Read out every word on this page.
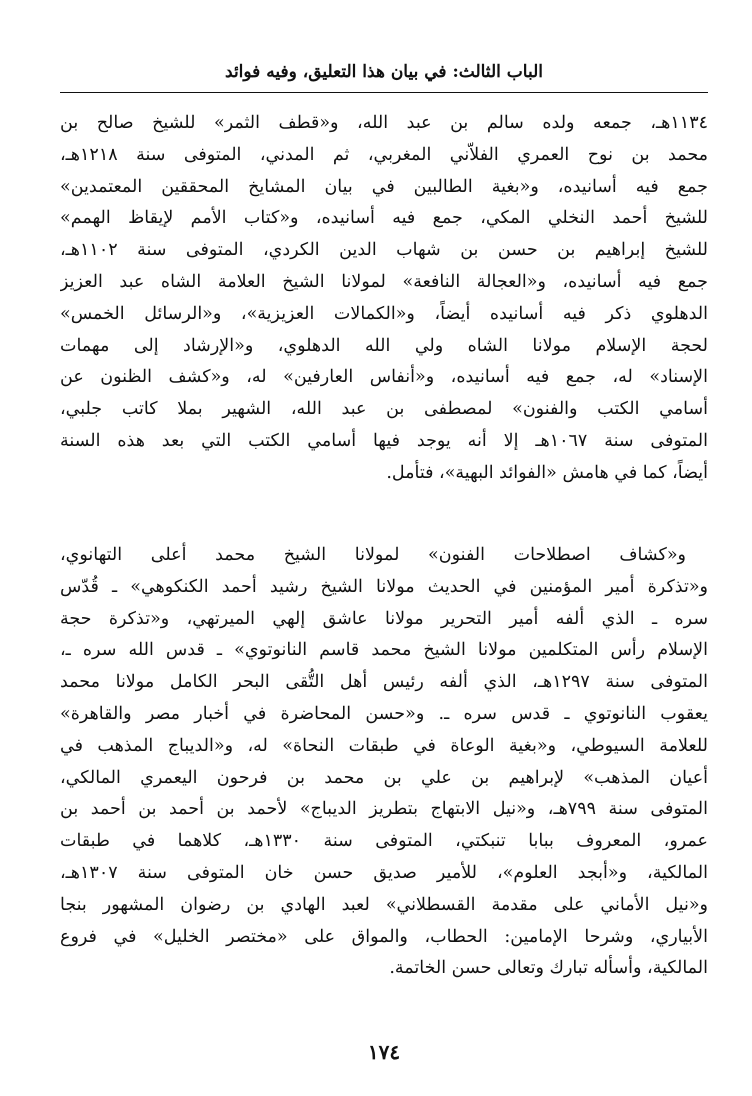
الباب الثالث: في بيان هذا التعليق، وفيه فوائد
١١٣٤هـ، جمعه ولده سالم بن عبد الله، و«قطف الثمر» للشيخ صالح بن
محمد بن نوح العمري الفلاّني المغربي، ثم المدني، المتوفى سنة ١٢١٨هـ،
جمع فيه أسانيده، و«بغية الطالبين في بيان المشايخ المحققين المعتمدين»
للشيخ أحمد النخلي المكي، جمع فيه أسانيده، و«كتاب الأمم لإيقاظ الهمم»
للشيخ إبراهيم بن حسن بن شهاب الدين الكردي، المتوفى سنة ١١٠٢هـ،
جمع فيه أسانيده، و«العجالة النافعة» لمولانا الشيخ العلامة الشاه عبد العزيز
الدهلوي ذكر فيه أسانيده أيضاً، و«الكمالات العزيزية»، و«الرسائل الخمس»
لحجة الإسلام مولانا الشاه ولي الله الدهلوي، و«الإرشاد إلى مهمات
الإسناد» له، جمع فيه أسانيده، و«أنفاس العارفين» له، و«كشف الظنون عن
أسامي الكتب والفنون» لمصطفى بن عبد الله، الشهير بملا كاتب جلبي،
المتوفى سنة ١٠٦٧هـ إلا أنه يوجد فيها أسامي الكتب التي بعد هذه السنة
أيضاً، كما في هامش «الفوائد البهية»، فتأمل.
و«كشاف اصطلاحات الفنون» لمولانا الشيخ محمد أعلى التهانوي،
و«تذكرة أمير المؤمنين في الحديث مولانا الشيخ رشيد أحمد الكنكوهي» ـ قُدّس
سره ـ الذي ألفه أمير التحرير مولانا عاشق إلهي الميرتهي، و«تذكرة حجة
الإسلام رأس المتكلمين مولانا الشيخ محمد قاسم النانوتوي» ـ قدس الله سره ـ،
المتوفى سنة ١٢٩٧هـ، الذي ألفه رئيس أهل التُّقى البحر الكامل مولانا محمد
يعقوب النانوتوي ـ قدس سره ـ. و«حسن المحاضرة في أخبار مصر والقاهرة»
للعلامة السيوطي، و«بغية الوعاة في طبقات النحاة» له، و«الديباج المذهب في
أعيان المذهب» لإبراهيم بن علي بن محمد بن فرحون اليعمري المالكي،
المتوفى سنة ٧٩٩هـ، و«نيل الابتهاج بتطريز الديباج» لأحمد بن أحمد بن أحمد بن
عمرو، المعروف ببابا تنبكتي، المتوفى سنة ١٣٣٠هـ، كلاهما في طبقات
المالكية، و«أبجد العلوم»، للأمير صديق حسن خان المتوفى سنة ١٣٠٧هـ،
و«نيل الأماني على مقدمة القسطلاني» لعبد الهادي بن رضوان المشهور بنجا
الأبياري، وشرحا الإمامين: الحطاب، والمواق على «مختصر الخليل» في فروع
المالكية، وأسأله تبارك وتعالى حسن الخاتمة.
١٧٤
